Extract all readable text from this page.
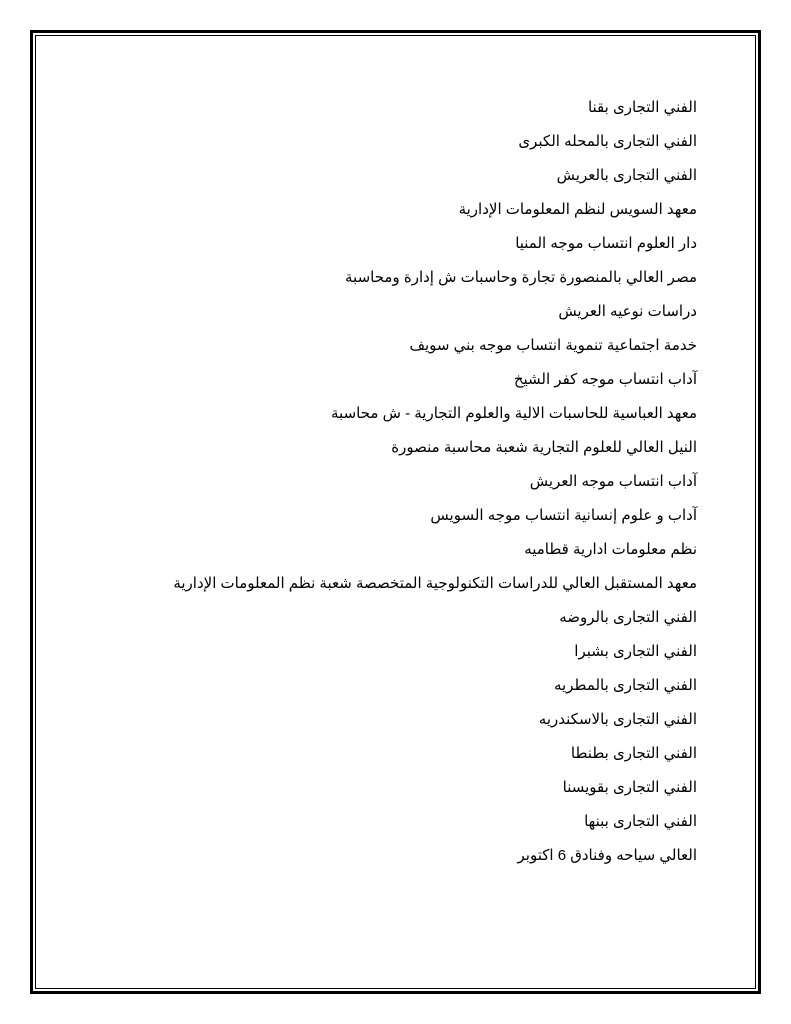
الفني التجارى بقنا
الفني التجارى بالمحله الكبرى
الفني التجارى بالعريش
معهد السويس لنظم المعلومات الإدارية
دار العلوم انتساب موجه المنيا
مصر العالي بالمنصورة تجارة وحاسبات ش إدارة ومحاسبة
دراسات نوعيه العريش
خدمة اجتماعية تنموية انتساب موجه بني سويف
آداب انتساب موجه كفر الشيخ
معهد العباسية للحاسبات الالية والعلوم التجارية - ش محاسبة
النيل العالي للعلوم التجارية شعبة محاسبة منصورة
آداب انتساب موجه العريش
آداب و علوم إنسانية انتساب موجه السويس
نظم معلومات ادارية قطاميه
معهد المستقبل العالي للدراسات التكنولوجية المتخصصة شعبة نظم المعلومات الإدارية
الفني التجارى بالروضه
الفني التجارى بشبرا
الفني التجارى بالمطريه
الفني التجارى بالاسكندريه
الفني التجارى بطنطا
الفني التجارى بقويسنا
الفني التجارى ببنها
العالي سياحه وفنادق 6 اكتوبر
